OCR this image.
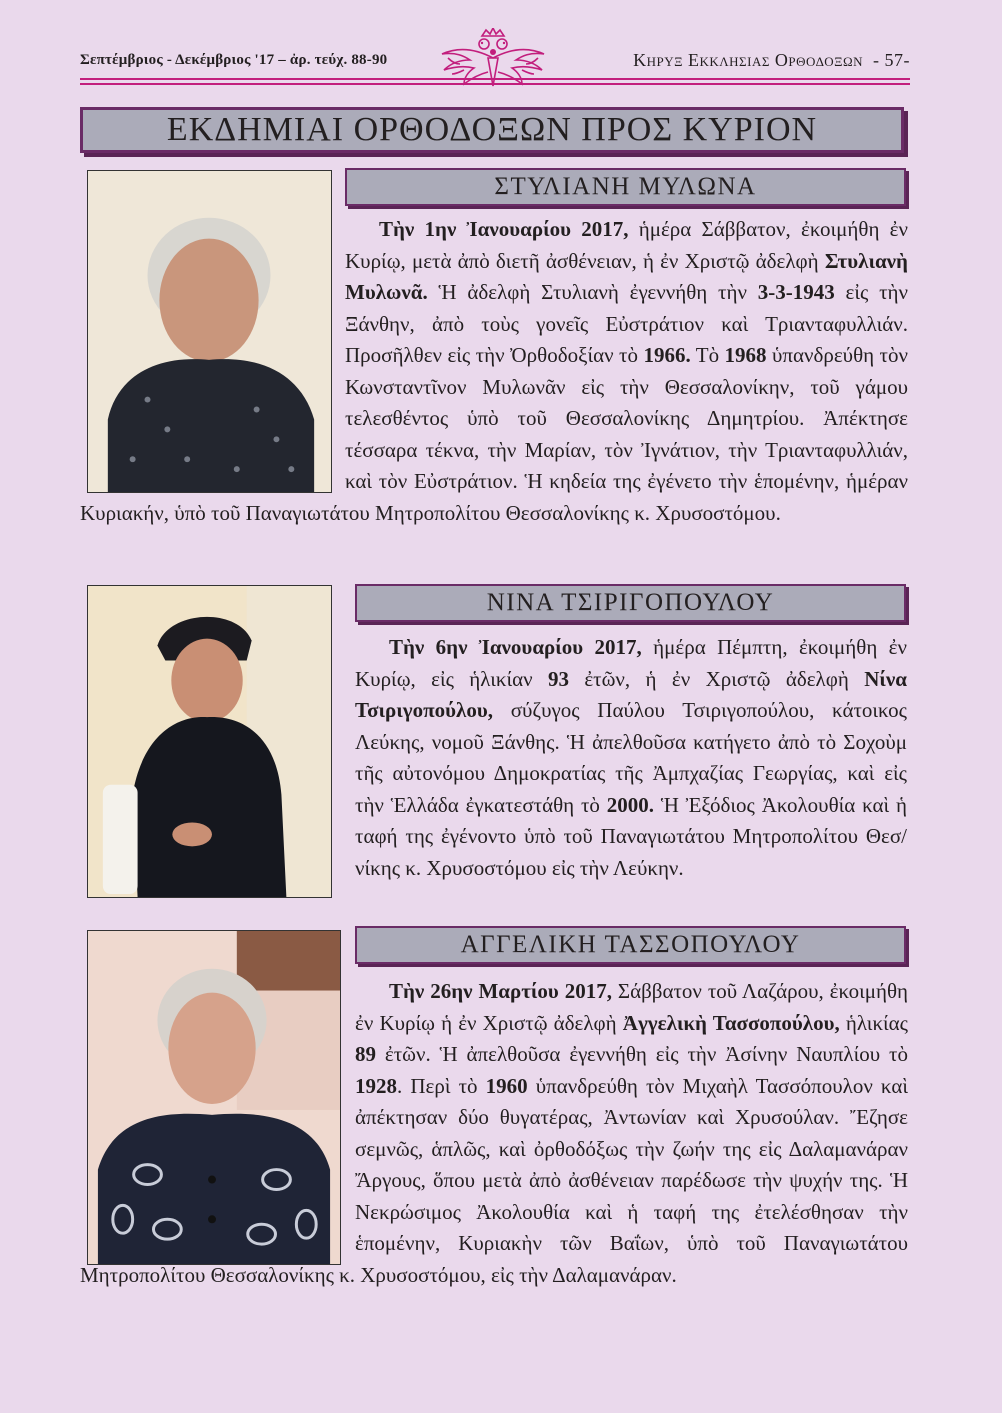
Σεπτέμβριος - Δεκέμβριος '17 – ἀρ. τεύχ. 88-90	Κηρυξ Εκκλησιας Ορθοδοξων - 57-
ΕΚΔΗΜΙΑΙ ΟΡΘΟΔΟΞΩΝ ΠΡΟΣ ΚΥΡΙΟΝ
ΣΤΥΛΙΑΝΗ ΜΥΛΩΝΑ

Τὴν 1ην Ἰανουαρίου 2017, ἡμέρα Σάββατον, ἐκοιμήθη ἐν Κυρίῳ, μετὰ ἀπὸ διετῆ ἀσθένειαν, ἡ ἐν Χριστῷ ἀδελφὴ Στυλιανὴ Μυλωνᾶ. Ἡ ἀδελφὴ Στυλιανὴ ἐγεννήθη τὴν 3-3-1943 εἰς τὴν Ξάνθην, ἀπὸ τοὺς γονεῖς Εὐστράτιον καὶ Τριανταφυλλιάν. Προσῆλθεν εἰς τὴν Ὀρθοδοξίαν τὸ 1966. Τὸ 1968 ὑπανδρεύθη τὸν Κωνσταντῖνον Μυλωνᾶν εἰς τὴν Θεσσαλονίκην, τοῦ γάμου τελεσθέντος ὑπὸ τοῦ Θεσσαλονίκης Δημητρίου. Ἀπέκτησε τέσσαρα τέκνα, τὴν Μαρίαν, τὸν Ἰγνάτιον, τὴν Τριανταφυλλιάν, καὶ τὸν Εὐστράτιον. Ἡ κηδεία της ἐγένετο τὴν ἑπομένην, ἡμέραν Κυριακήν, ὑπὸ τοῦ Παναγιωτάτου Μητροπολίτου Θεσσαλονίκης κ. Χρυσοστόμου.

ΝΙΝΑ ΤΣΙΡΙΓΟΠΟΥΛΟΥ

Τὴν 6ην Ἰανουαρίου 2017, ἡμέρα Πέμπτη, ἐκοιμήθη ἐν Κυρίῳ, εἰς ἡλικίαν 93 ἐτῶν, ἡ ἐν Χριστῷ ἀδελφὴ Νίνα Τσιριγοπούλου, σύζυγος Παύλου Τσιριγοπούλου, κάτοικος Λεύκης, νομοῦ Ξάνθης. Ἡ ἀπελθοῦσα κατήγετο ἀπὸ τὸ Σοχοὺμ τῆς αὐτονόμου Δημοκρατίας τῆς Ἀμπχαζίας Γεωργίας, καὶ εἰς τὴν Ἑλλάδα ἐγκατεστάθη τὸ 2000. Ἡ Ἐξόδιος Ἀκολουθία καὶ ἡ ταφή της ἐγένοντο ὑπὸ τοῦ Παναγιωτάτου Μητροπολίτου Θεσ/νίκης κ. Χρυσοστόμου εἰς τὴν Λεύκην.

ΑΓΓΕΛΙΚΗ ΤΑΣΣΟΠΟΥΛΟΥ

Τὴν 26ην Μαρτίου 2017, Σάββατον τοῦ Λαζάρου, ἐκοιμήθη ἐν Κυρίῳ ἡ ἐν Χριστῷ ἀδελφὴ Ἀγγελικὴ Τασσοπούλου, ἡλικίας 89 ἐτῶν. Ἡ ἀπελθοῦσα ἐγεννήθη εἰς τὴν Ἀσίνην Ναυπλίου τὸ 1928. Περὶ τὸ 1960 ὑπανδρεύθη τὸν Μιχαὴλ Τασσόπουλον καὶ ἀπέκτησαν δύο θυγατέρας, Ἀντωνίαν καὶ Χρυσούλαν. Ἔζησε σεμνῶς, ἁπλῶς, καὶ ὀρθοδόξως τὴν ζωήν της εἰς Δαλαμανάραν Ἄργους, ὅπου μετὰ ἀπὸ ἀσθένειαν παρέδωσε τὴν ψυχήν της. Ἡ Νεκρώσιμος Ἀκολουθία καὶ ἡ ταφή της ἐτελέσθησαν τὴν ἑπομένην, Κυριακὴν τῶν Βαΐων, ὑπὸ τοῦ Παναγιωτάτου Μητροπολίτου Θεσσαλονίκης κ. Χρυσοστόμου, εἰς τὴν Δαλαμανάραν.
